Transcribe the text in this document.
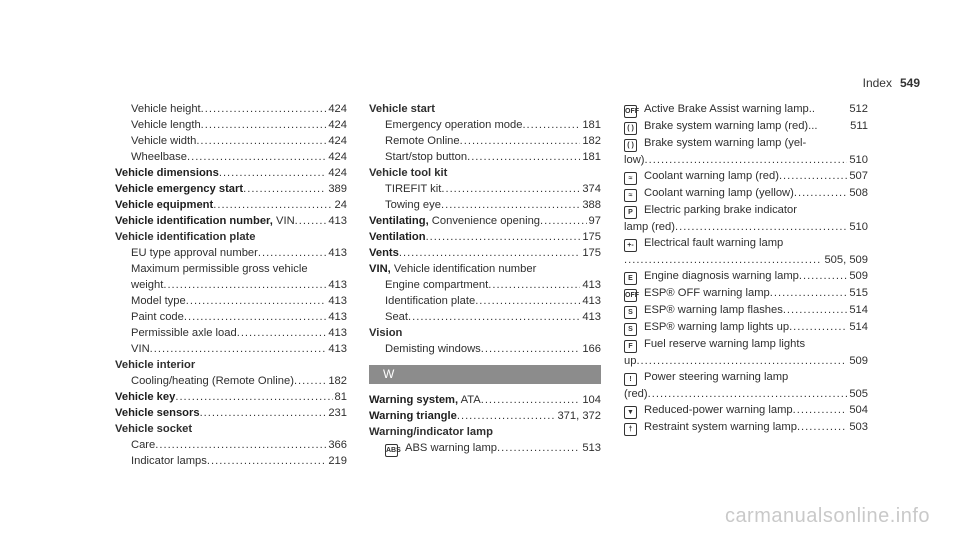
Index 549
Vehicle height .....	424
Vehicle length .....	424
Vehicle width .....	424
Wheelbase .....	424
Vehicle dimensions .....	424
Vehicle emergency start .....	389
Vehicle equipment .....	24
Vehicle identification number, VIN .....	413
Vehicle identification plate
EU type approval number .....	413
Maximum permissible gross vehicle
weight .....	413
Model type .....	413
Paint code .....	413
Permissible axle load .....	413
VIN .....	413
Vehicle interior
Cooling/heating (Remote Online) .....	182
Vehicle key .....	81
Vehicle sensors .....	231
Vehicle socket
Care .....	366
Indicator lamps .....	219
Vehicle start
Emergency operation mode .....	181
Remote Online .....	182
Start/stop button .....	181
Vehicle tool kit
TIREFIT kit .....	374
Towing eye .....	388
Ventilating, Convenience opening .....	97
Ventilation .....	175
Vents .....	175
VIN, Vehicle identification number
Engine compartment .....	413
Identification plate .....	413
Seat .....	413
Vision
Demisting windows .....	166
W
Warning system, ATA .....	104
Warning triangle .....	371, 372
Warning/indicator lamp
ABS ABS warning lamp .....	513
OFF Active Brake Assist warning lamp..	512
( ) Brake system warning lamp (red)...	511
( ) Brake system warning lamp (yel-
low) .....	510
≈ Coolant warning lamp (red) .....	507
≈ Coolant warning lamp (yellow) .....	508
P Electric parking brake indicator
lamp (red) .....	510
+- Electrical fault warning lamp
.....
505, 509
E Engine diagnosis warning lamp .....	509
OFF ESP® OFF warning lamp .....	515
S ESP® warning lamp flashes .....	514
S ESP® warning lamp lights up .....	514
F Fuel reserve warning lamp lights
up .....	509
! Power steering warning lamp
(red) .....	505
▼ Reduced-power warning lamp .....	504
† Restraint system warning lamp .....	503
carmanualsonline.info
